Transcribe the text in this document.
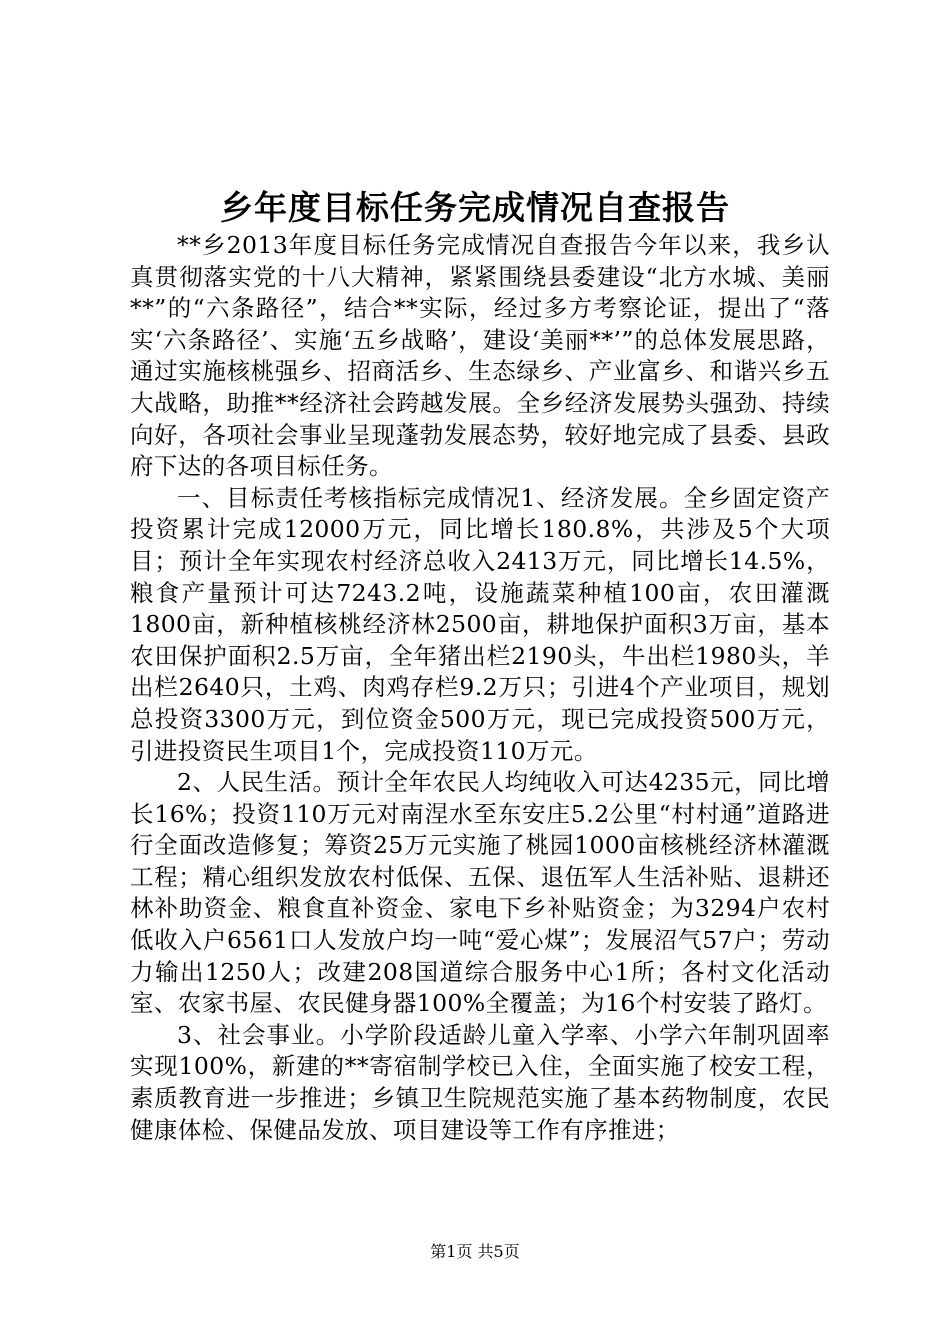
乡年度目标任务完成情况自查报告

**乡2013年度目标任务完成情况自查报告今年以来，我乡认真贯彻落实党的十八大精神，紧紧围绕县委建设“北方水城、美丽**”的“六条路径”，结合**实际，经过多方考察论证，提出了“落实‘六条路径’、实施‘五乡战略’，建设‘美丽**’”的总体发展思路，通过实施核桃强乡、招商活乡、生态绿乡、产业富乡、和谐兴乡五大战略，助推**经济社会跨越发展。全乡经济发展势头强劲、持续向好，各项社会事业呈现蓬勃发展态势，较好地完成了县委、县政府下达的各项目标任务。

一、目标责任考核指标完成情况1、经济发展。全乡固定资产投资累计完成12000万元，同比增长180.8%，共涉及5个大项目；预计全年实现农村经济总收入2413万元，同比增长14.5%，粮食产量预计可达7243.2吨，设施蔬菜种植100亩，农田灌溉1800亩，新种植核桃经济林2500亩，耕地保护面积3万亩，基本农田保护面积2.5万亩，全年猪出栏2190头，牛出栏1980头，羊出栏2640只，土鸡、肉鸡存栏9.2万只；引进4个产业项目，规划总投资3300万元，到位资金500万元，现已完成投资500万元，引进投资民生项目1个，完成投资110万元。

2、人民生活。预计全年农民人均纯收入可达4235元，同比增长16%；投资110万元对南涅水至东安庄5.2公里“村村通”道路进行全面改造修复；筹资25万元实施了桃园1000亩核桃经济林灌溉工程；精心组织发放农村低保、五保、退伍军人生活补贴、退耕还林补助资金、粮食直补资金、家电下乡补贴资金；为3294户农村低收入户6561口人发放户均一吨“爱心煤”；发展沼气57户；劳动力输出1250人；改建208国道综合服务中心1所；各村文化活动室、农家书屋、农民健身器100%全覆盖；为16个村安装了路灯。

3、社会事业。小学阶段适龄儿童入学率、小学六年制巩固率实现100%，新建的**寄宿制学校已入住，全面实施了校安工程，素质教育进一步推进；乡镇卫生院规范实施了基本药物制度，农民健康体检、保健品发放、项目建设等工作有序推进；

第1页 共5页
